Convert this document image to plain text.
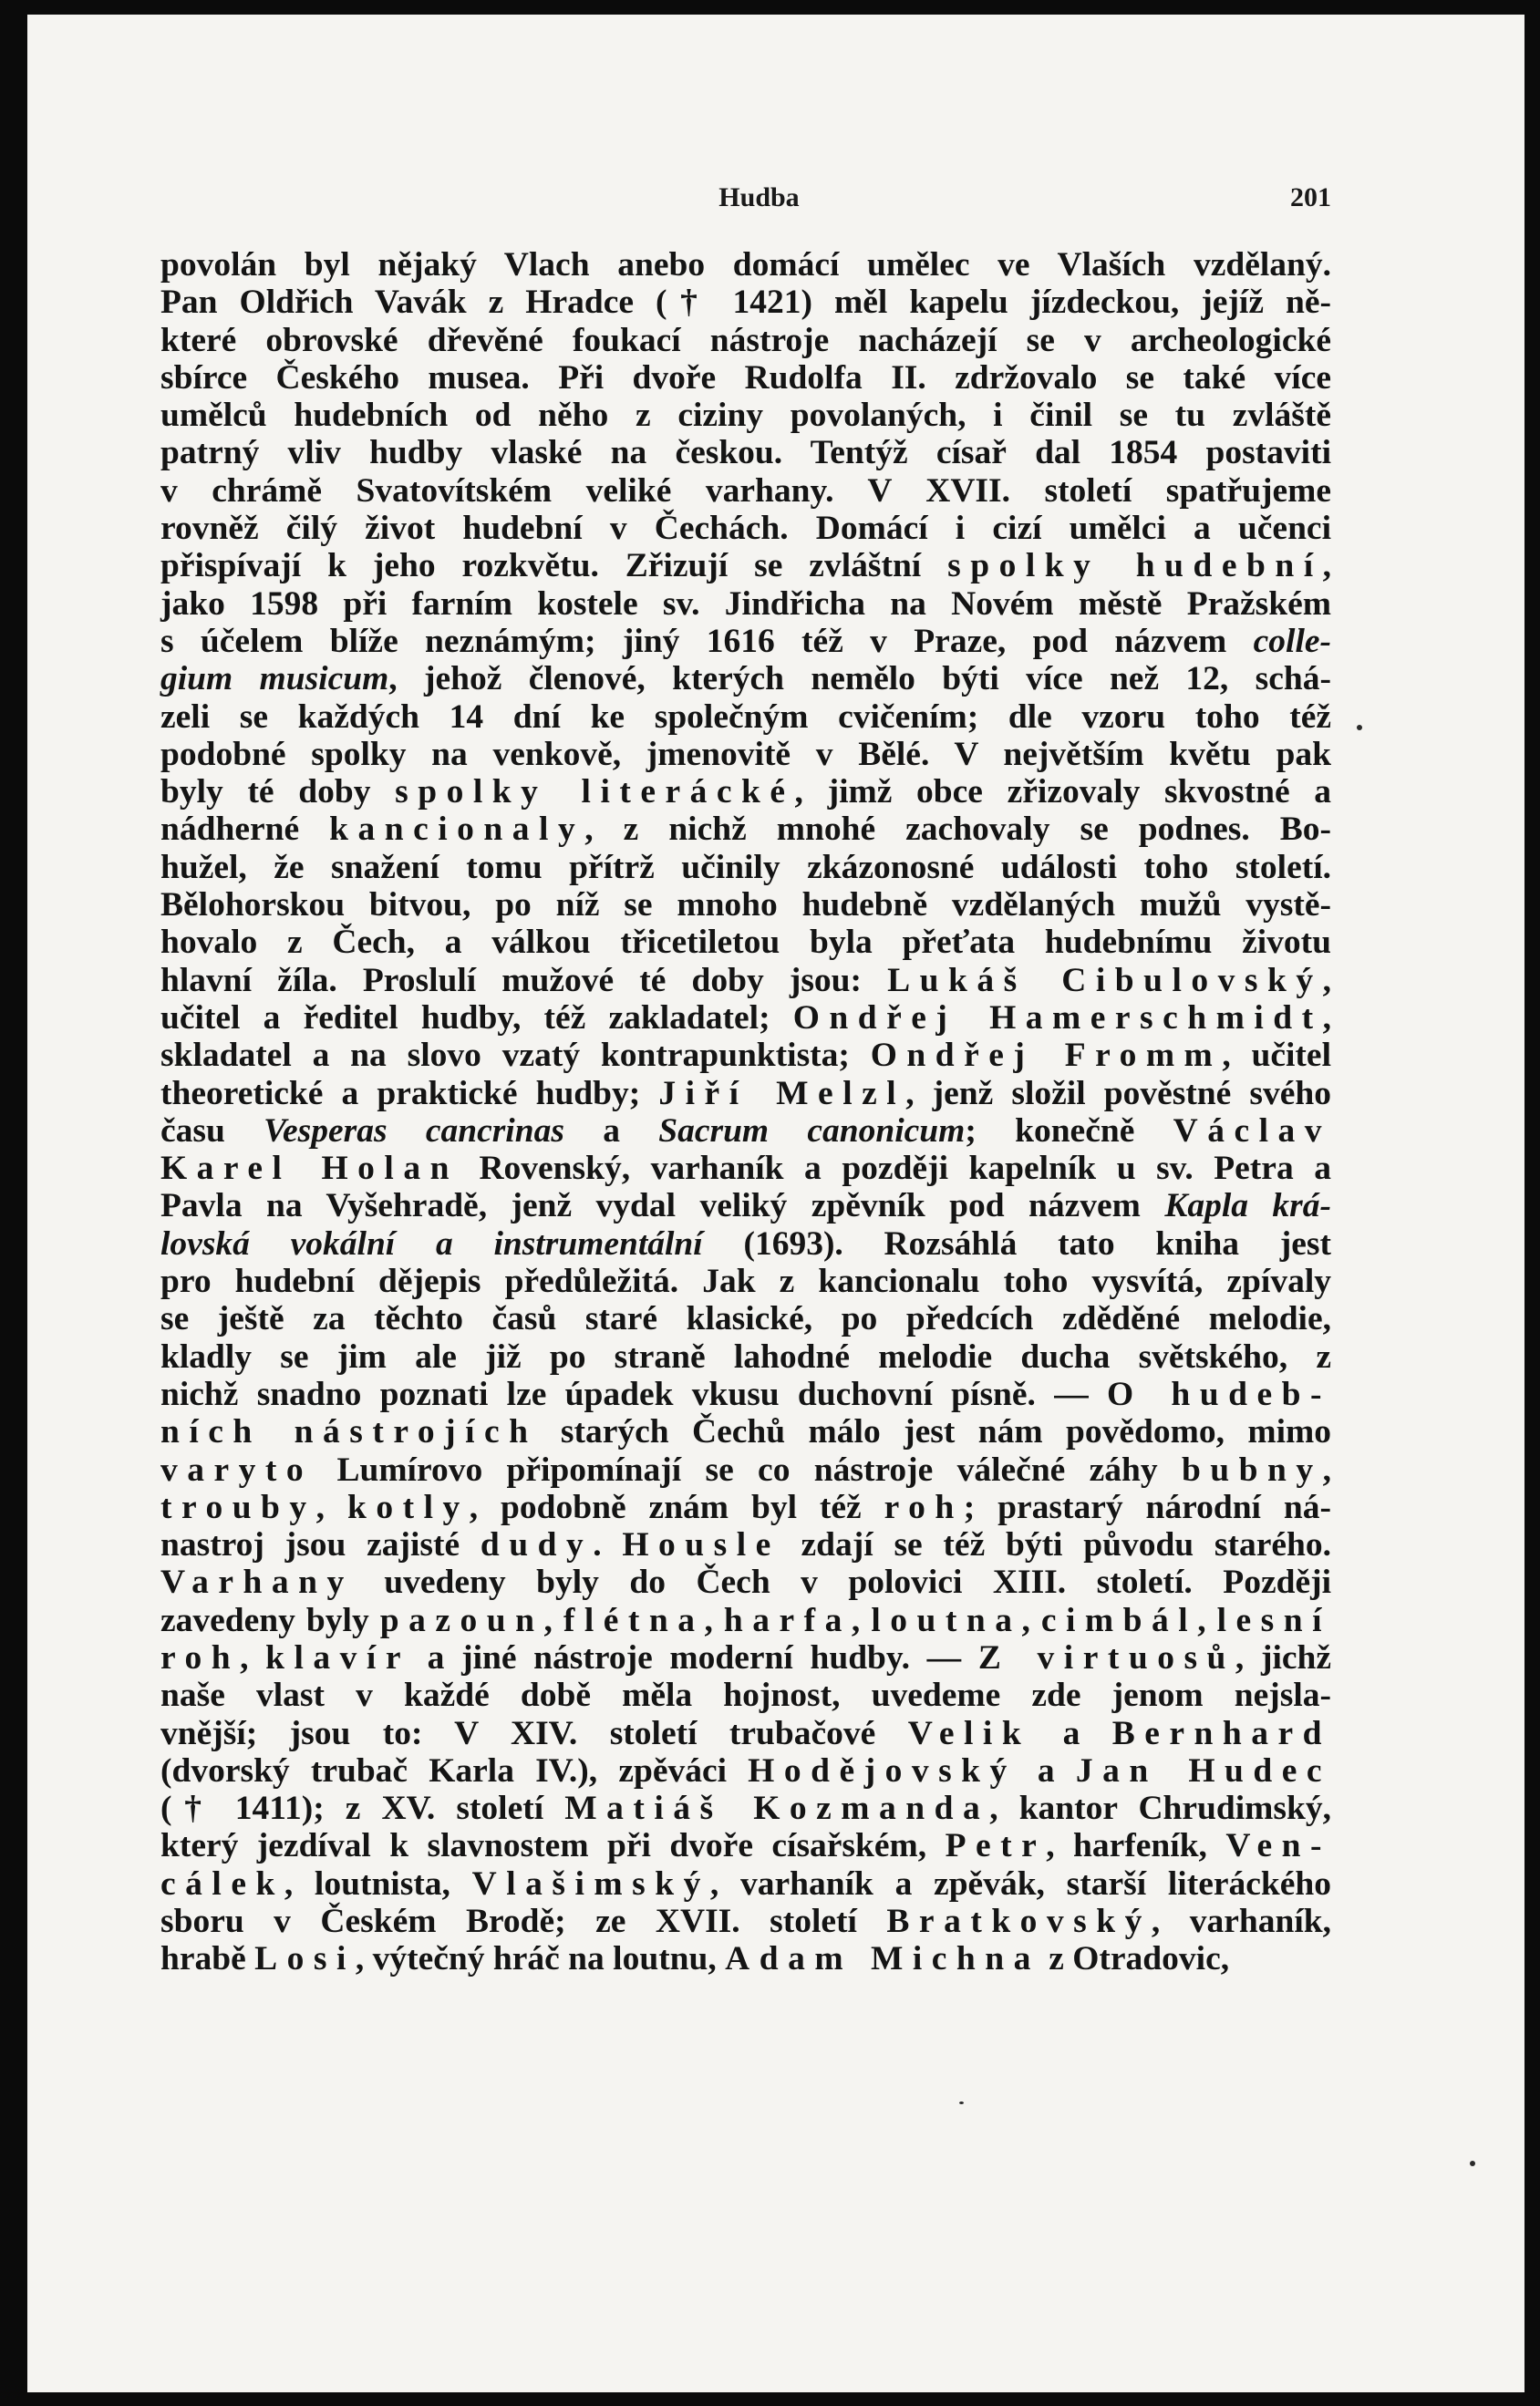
Hudba	201
povolán byl nějaký Vlach anebo domácí umělec ve Vlaších vzdělaný.
Pan Oldřich Vavák z Hradce († 1421) měl kapelu jízdeckou, jejíž ně-
které obrovské dřevěné foukací nástroje nacházejí se v archeologické
sbírce Českého musea. Při dvoře Rudolfa II. zdržovalo se také více
umělců hudebních od něho z ciziny povolaných, i činil se tu zvláště
patrný vliv hudby vlaské na českou. Tentýž císař dal 1854 postaviti
v chrámě Svatovítském veliké varhany. V XVII. století spatřujeme
rovněž čilý život hudební v Čechách. Domácí i cizí umělci a učenci
přispívají k jeho rozkvětu. Zřizují se zvláštní spolky hudební,
jako 1598 při farním kostele sv. Jindřicha na Novém městě Pražském
s účelem blíže neznámým; jiný 1616 též v Praze, pod názvem colle-
gium musicum, jehož členové, kterých nemělo býti více než 12, schá-
zeli se každých 14 dní ke společným cvičením; dle vzoru toho též
podobné spolky na venkově, jmenovitě v Bělé. V největším květu pak
byly té doby spolky literácké, jimž obce zřizovaly skvostné a
nádherné kancionaly, z nichž mnohé zachovaly se podnes. Bo-
hužel, že snažení tomu přítrž učinily zkázonosné události toho století.
Bělohorskou bitvou, po níž se mnoho hudebně vzdělaných mužů vystě-
hovalo z Čech, a válkou třicetiletou byla přeťata hudebnímu životu
hlavní žíla. Proslulí mužové té doby jsou: Lukáš Cibulovský,
učitel a ředitel hudby, též zakladatel; Ondřej Hamerschmidt,
skladatel a na slovo vzatý kontrapunktista; Ondřej Fromm, učitel
theoretické a praktické hudby; Jiří Melzl, jenž složil pověstné svého
času Vesperas cancrinas a Sacrum canonicum; konečně Václav
Karel Holan Rovenský, varhaník a později kapelník u sv. Petra a
Pavla na Vyšehradě, jenž vydal veliký zpěvník pod názvem Kapla krá-
lovská vokální a instrumentální (1693). Rozsáhlá tato kniha jest
pro hudební dějepis předůležitá. Jak z kancionalu toho vysvítá, zpívaly
se ještě za těchto časů staré klasické, po předcích zděděné melodie,
kladly se jim ale již po straně lahodné melodie ducha světského, z
nichž snadno poznati lze úpadek vkusu duchovní písně. — O hudeb-
ních nástrojích starých Čechů málo jest nám povědomo, mimo
varyto Lumírovo připomínají se co nástroje válečné záhy bubny,
trouby, kotly, podobně znám byl též roh; prastarý národní ná-
nastroj jsou zajisté dudy. Housle zdají se též býti původu starého.
Varhany uvedeny byly do Čech v polovici XIII. století. Později
zavedeny byly pazoun, flétna, harfa, loutna, cimbál, lesní
roh, klavír a jiné nástroje moderní hudby. — Z virtuosů, jichž
naše vlast v každé době měla hojnost, uvedeme zde jenom nejsla-
vnější; jsou to: V XIV. století trubačové Velik a Bernhard
(dvorský trubač Karla IV.), zpěváci Hodějovský a Jan Hudec
(† 1411); z XV. století Matiáš Kozmanda, kantor Chrudimský,
který jezdíval k slavnostem při dvoře císařském, Petr, harfeník, Ven-
cálek, loutnista, Vlašimský, varhaník a zpěvák, starší literáckého
sboru v Českém Brodě; ze XVII. století Bratkovský, varhaník,
hrabě Losi, výtečný hráč na loutnu, Adam Michna z Otradovic,
